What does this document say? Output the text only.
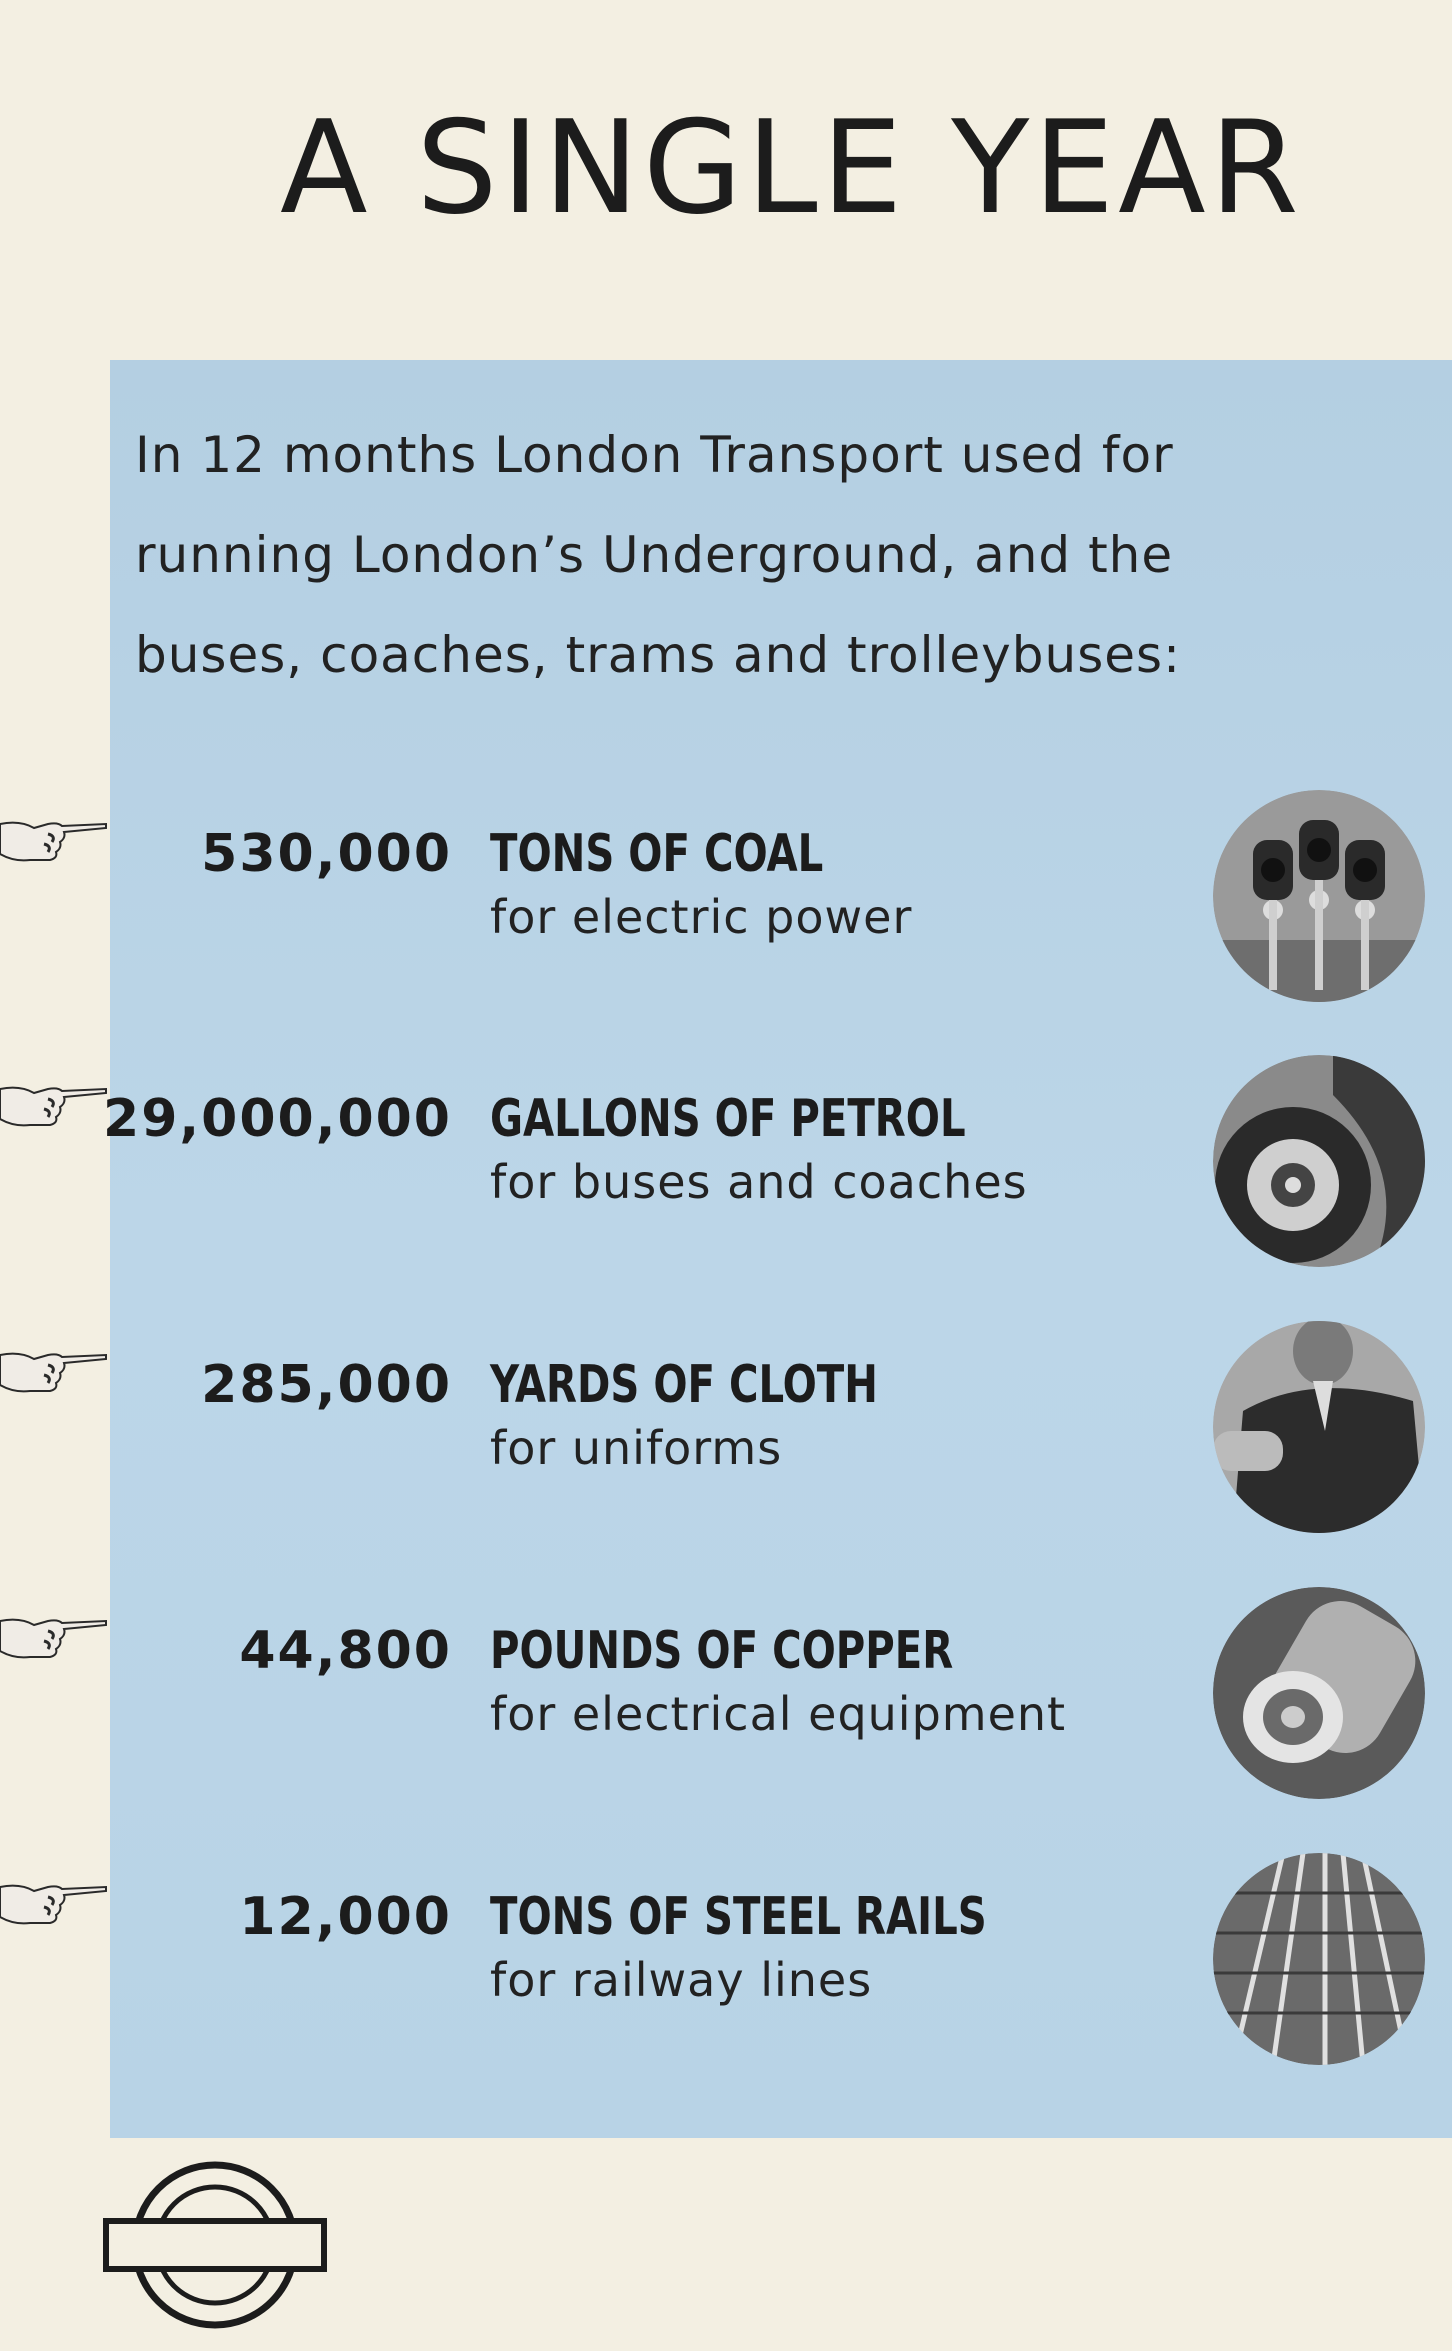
A SINGLE YEAR
In 12 months London Transport used for
running London’s Underground, and the
buses, coaches, trams and trolleybuses:
530,000 TONS OF COAL
for electric power
29,000,000 GALLONS OF PETROL
for buses and coaches
285,000 YARDS OF CLOTH
for uniforms
44,800 POUNDS OF COPPER
for electrical equipment
12,000 TONS OF STEEL RAILS
for railway lines
